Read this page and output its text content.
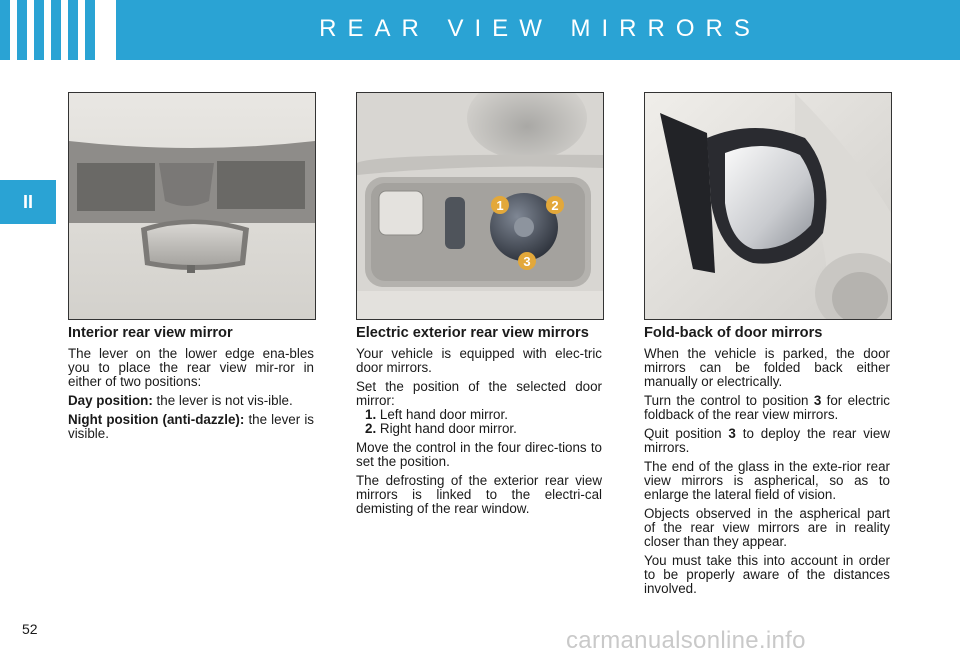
REAR VIEW MIRRORS
II	1	2
3
Interior rear view mirror

The lever on the lower edge ena-bles you to place the rear view mir-ror in either of two positions:

Day position: the lever is not vis-ible.

Night position (anti-dazzle): the lever is visible.

Electric exterior rear view mirrors

Your vehicle is equipped with elec-tric door mirrors.

Set the position of the selected door mirror:

1. Left hand door mirror.

2. Right hand door mirror.

Move the control in the four direc-tions to set the position.

The defrosting of the exterior rear view mirrors is linked to the electri-cal demisting of the rear window.

Fold-back of door mirrors

When the vehicle is parked, the door mirrors can be folded back either manually or electrically.

Turn the control to position 3 for electric foldback of the rear view mirrors.

Quit position 3 to deploy the rear view mirrors.

The end of the glass in the exte-rior rear view mirrors is aspherical, so as to enlarge the lateral field of vision.

Objects observed in the aspherical part of the rear view mirrors are in reality closer than they appear.

You must take this into account in order to be properly aware of the distances involved.

52	carmanualsonline.info
